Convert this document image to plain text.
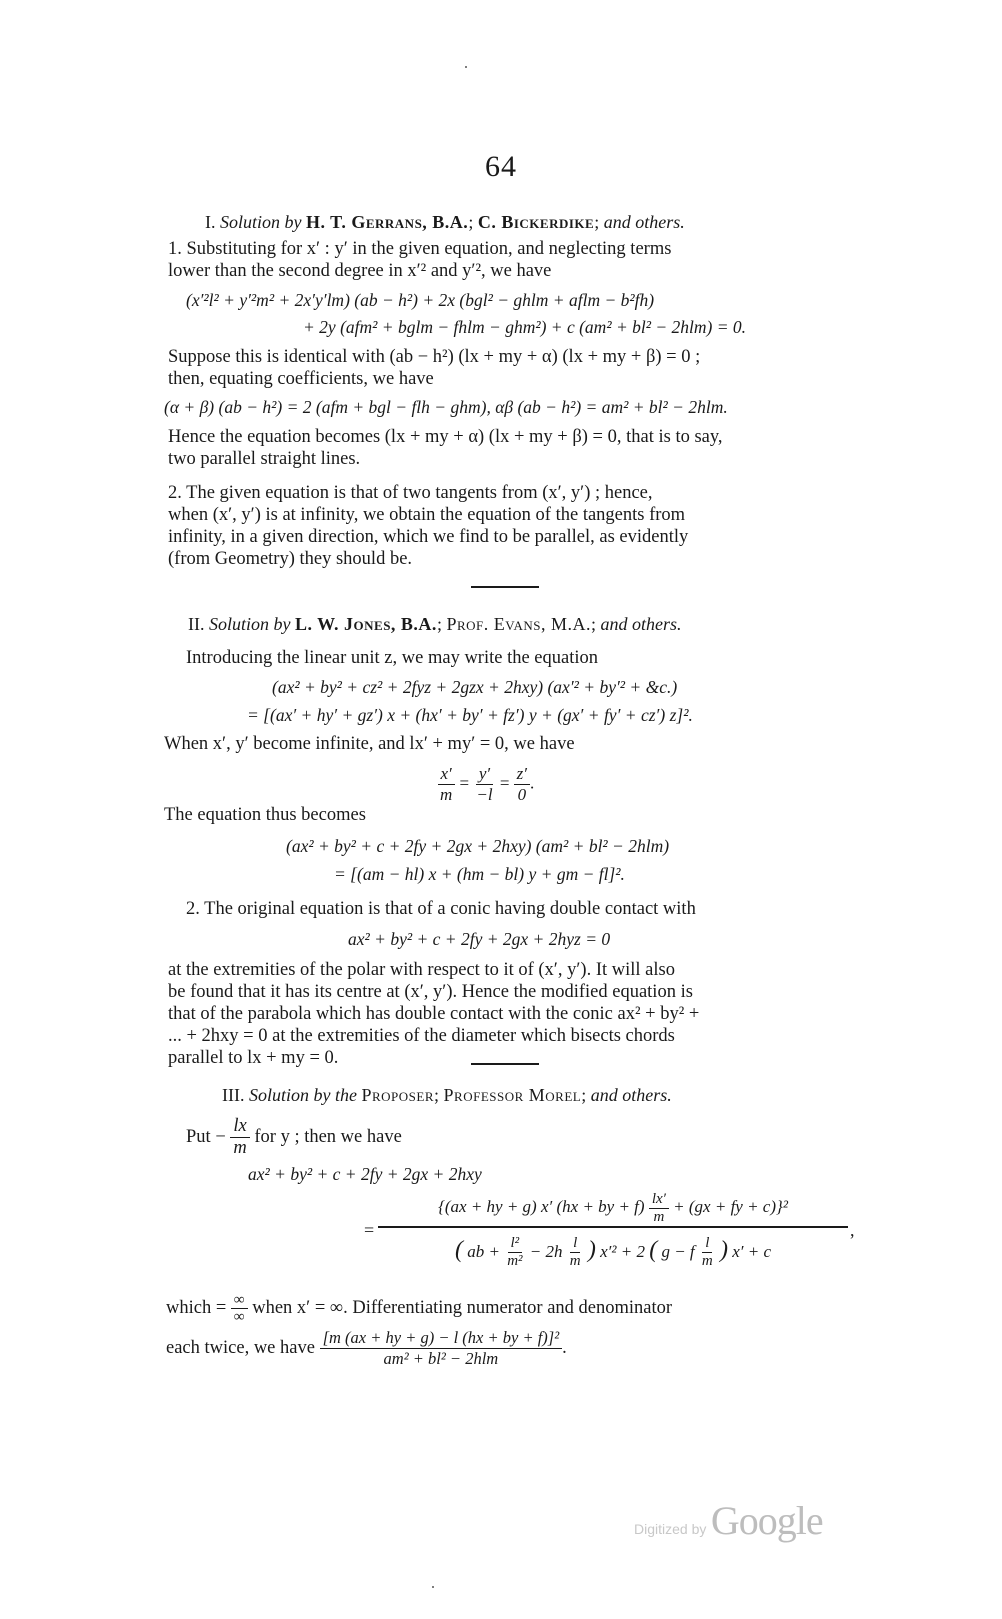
64
I. Solution by H. T. Gerrans, B.A.; C. Bickerdike; and others.
1. Substituting for x′ : y′ in the given equation, and neglecting terms
lower than the second degree in x′² and y′², we have
(x′²l² + y′²m² + 2x′y′lm) (ab − h²) + 2x (bgl² − ghlm + aflm − b²fh)
+ 2y (afm² + bglm − fhlm − ghm²) + c (am² + bl² − 2hlm) = 0.
Suppose this is identical with (ab − h²) (lx + my + α) (lx + my + β) = 0 ;
then, equating coefficients, we have
(α + β) (ab − h²) = 2 (afm + bgl − flh − ghm), αβ (ab − h²) = am² + bl² − 2hlm.
Hence the equation becomes (lx + my + α) (lx + my + β) = 0, that is to say,
two parallel straight lines.
2. The given equation is that of two tangents from (x′, y′) ; hence,
when (x′, y′) is at infinity, we obtain the equation of the tangents from
infinity, in a given direction, which we find to be parallel, as evidently
(from Geometry) they should be.
II. Solution by L. W. Jones, B.A.; Prof. Evans, M.A.; and others.
Introducing the linear unit z, we may write the equation
(ax² + by² + cz² + 2fyz + 2gzx + 2hxy) (ax′² + by′² + &c.)
= [(ax′ + hy′ + gz′) x + (hx′ + by′ + fz′) y + (gx′ + fy′ + cz′) z]².
When x′, y′ become infinite, and lx′ + my′ = 0, we have
$\frac{x'}{m} = \frac{y'}{-l} = \frac{z'}{0}$ .
The equation thus becomes
(ax² + by² + c + 2fy + 2gx + 2hxy) (am² + bl² − 2hlm)
= [(am − hl) x + (hm − bl) y + gm − fl]².
2. The original equation is that of a conic having double contact with
ax² + by² + c + 2fy + 2gx + 2hyz = 0
at the extremities of the polar with respect to it of (x′, y′). It will also
be found that it has its centre at (x′, y′). Hence the modified equation is
that of the parabola which has double contact with the conic ax² + by² +
... + 2hxy = 0 at the extremities of the diameter which bisects chords
parallel to lx + my = 0.
III. Solution by the Proposer; Professor Morel; and others.
Put − $\frac{lx}{m}$ for y ; then we have
ax² + by² + c + 2fy + 2gx + 2hxy
{(ax + hy + g) x′ (hx + by + $f) \frac{lx'}{m} + (gx$ + fy + c)}²
( ab + $\frac{\text{l²}}{\text{m²}} - 2h \frac{l}{m}$ ) x′² + 2 ( g − f $\frac{l}{m}$ ) x′ + c
=	,
which = $\frac{\infty}{\infty}$ when x′ = ∞. Differentiating numerator and denominator
each twice, we have $\frac{\text{[m (ax + hy + g) − l (hx + by + f)]²}}{\text{am² + bl² − 2hlm}}$ .
Digitized by Google
